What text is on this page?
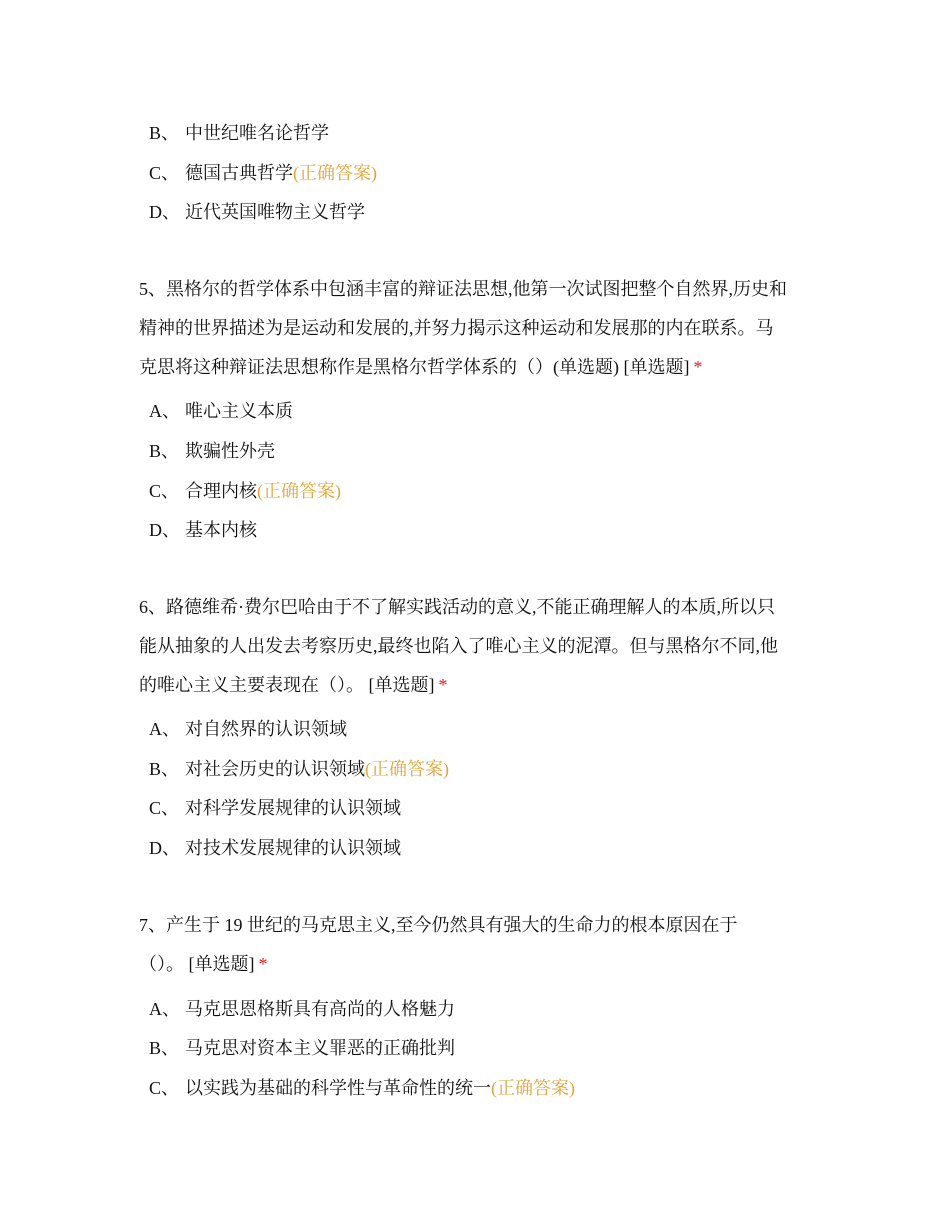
B、 中世纪唯名论哲学
C、 德国古典哲学(正确答案)
D、 近代英国唯物主义哲学

5、黑格尔的哲学体系中包涵丰富的辩证法思想,他第一次试图把整个自然界,历史和
精神的世界描述为是运动和发展的,并努力揭示这种运动和发展那的内在联系。马
克思将这种辩证法思想称作是黑格尔哲学体系的（）(单选题) [单选题] *

A、 唯心主义本质
B、 欺骗性外壳
C、 合理内核(正确答案)
D、 基本内核

6、路德维希·费尔巴哈由于不了解实践活动的意义,不能正确理解人的本质,所以只
能从抽象的人出发去考察历史,最终也陷入了唯心主义的泥潭。但与黑格尔不同,他
的唯心主义主要表现在（）。 [单选题] *

A、 对自然界的认识领域
B、 对社会历史的认识领域(正确答案)
C、 对科学发展规律的认识领域
D、 对技术发展规律的认识领域

7、产生于 19 世纪的马克思主义,至今仍然具有强大的生命力的根本原因在于
（）。 [单选题] *

A、 马克思恩格斯具有高尚的人格魅力
B、 马克思对资本主义罪恶的正确批判
C、 以实践为基础的科学性与革命性的统一(正确答案)
